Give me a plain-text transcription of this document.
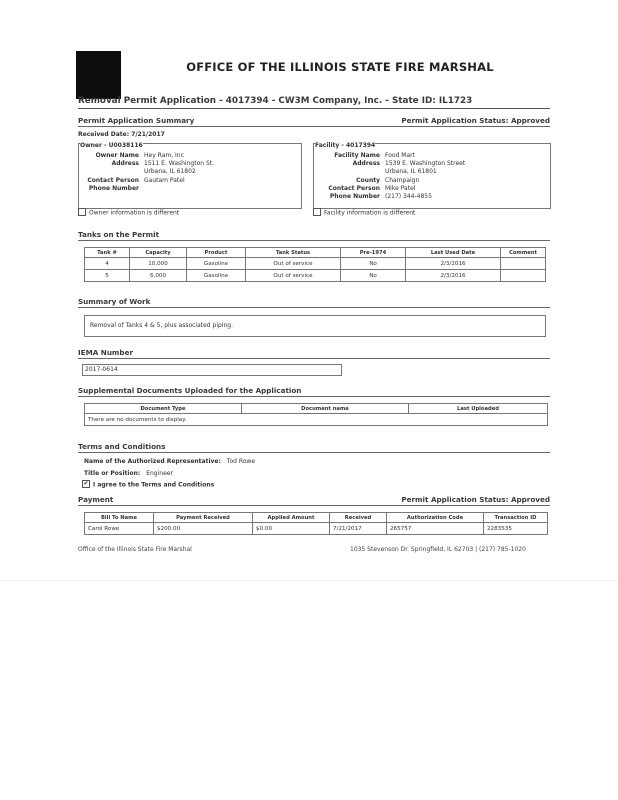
OFFICE OF THE ILLINOIS STATE FIRE MARSHAL
Removal Permit Application - 4017394 - CW3M Company, Inc. - State ID: IL1723
Permit Application Summary	Permit Application Status: Approved
Received Date: 7/21/2017
Owner - U0038116
Owner Name Hey Ram, Inc
Address 1511 E. Washington St.
Urbana, IL 61802
Contact Person Gautam Patel
Phone Number
Owner information is different
Facility - 4017394
Facility Name Food Mart
Address 1539 E. Washington Street
Urbana, IL 61801
County Champaign
Contact Person Mike Patel
Phone Number (217) 344-4855
Facility information is different
Tanks on the Permit
Tank #	Capacity	Product	Tank Status	Pre-1974	Last Used Date	Comment
4	10,000	Gasoline	Out of service	No	2/3/2016	
5	6,000	Gasoline	Out of service	No	2/3/2016	
Summary of Work
Removal of Tanks 4 & 5, plus associated piping.
IEMA Number
2017-0614
Supplemental Documents Uploaded for the Application
Document Type	Document name	Last Uploaded
There are no documents to display.
Terms and Conditions
Name of the Authorized Representative: Tod Rowe
Title or Position: Engineer
✔ I agree to the Terms and Conditions
Payment	Permit Application Status: Approved
Bill To Name	Payment Received	Applied Amount	Received	Authorization Code	Transaction ID
Carol Rowe	$200.00	$0.00	7/21/2017	265757	2283535
Office of the Illinois State Fire Marshal	1035 Stevenson Dr. Springfield, IL 62703 | (217) 785-1020
